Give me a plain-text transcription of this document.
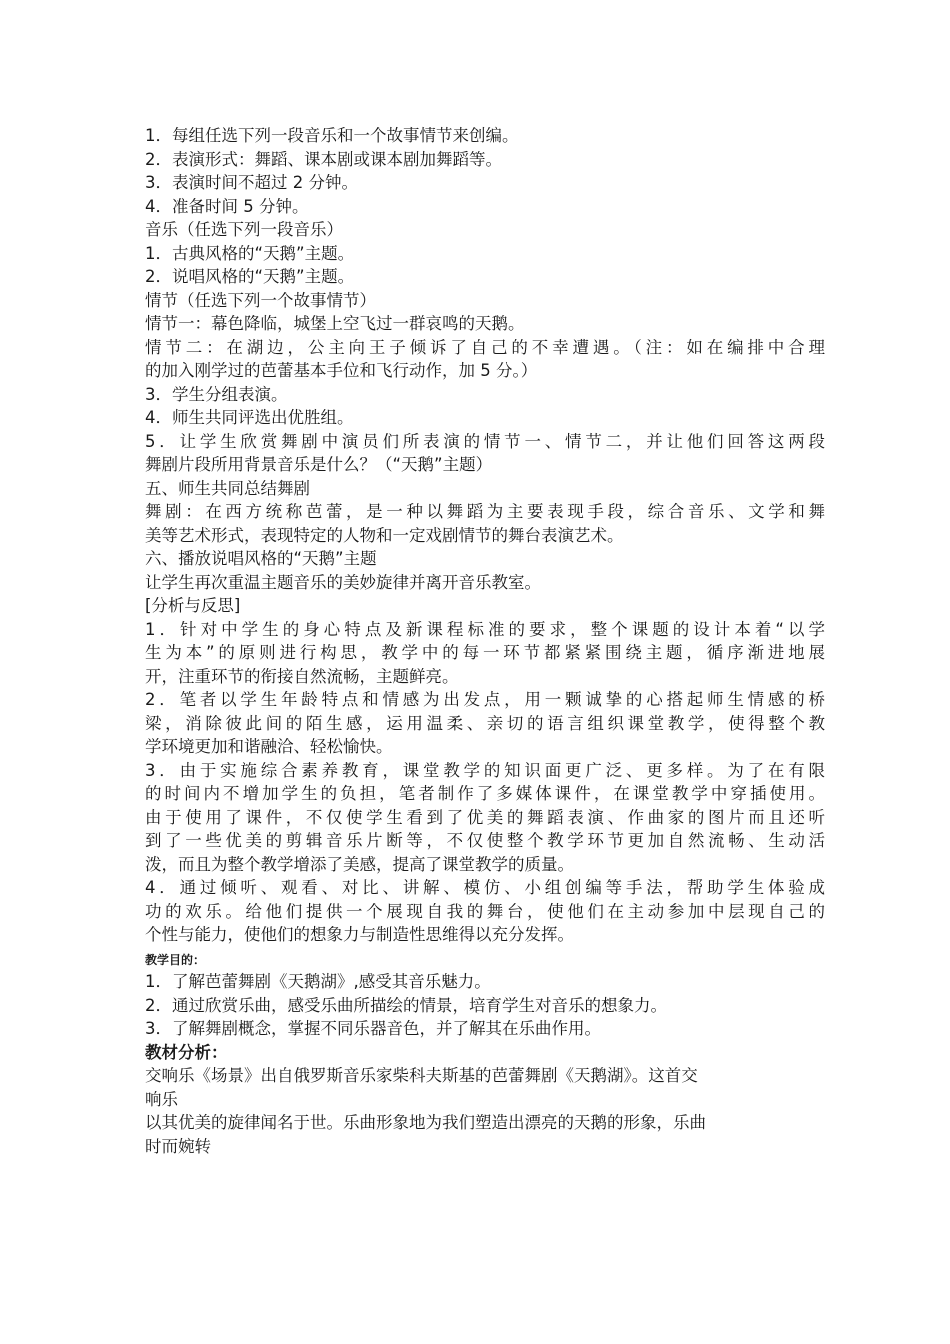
1．每组任选下列一段音乐和一个故事情节来创编。
2．表演形式：舞蹈、课本剧或课本剧加舞蹈等。
3．表演时间不超过 2 分钟。
4．准备时间 5 分钟。
音乐（任选下列一段音乐）
1．古典风格的“天鹅”主题。
2．说唱风格的“天鹅”主题。
情节（任选下列一个故事情节）
情节一：幕色降临，城堡上空飞过一群哀鸣的天鹅。
情节二：在湖边，公主向王子倾诉了自己的不幸遭遇。（注：如在编排中合理
的加入刚学过的芭蕾基本手位和飞行动作，加 5 分。）
3．学生分组表演。
4．师生共同评选出优胜组。
5．让学生欣赏舞剧中演员们所表演的情节一、情节二，并让他们回答这两段
舞剧片段所用背景音乐是什么？（“天鹅”主题）
五、师生共同总结舞剧
舞剧：在西方统称芭蕾，是一种以舞蹈为主要表现手段，综合音乐、文学和舞
美等艺术形式，表现特定的人物和一定戏剧情节的舞台表演艺术。
六、播放说唱风格的“天鹅”主题
让学生再次重温主题音乐的美妙旋律并离开音乐教室。
[分析与反思]
1．针对中学生的身心特点及新课程标准的要求，整个课题的设计本着“以学
生为本”的原则进行构思，教学中的每一环节都紧紧围绕主题，循序渐进地展
开，注重环节的衔接自然流畅，主题鲜亮。
2．笔者以学生年龄特点和情感为出发点，用一颗诚挚的心搭起师生情感的桥
梁，消除彼此间的陌生感，运用温柔、亲切的语言组织课堂教学，使得整个教
学环境更加和谐融洽、轻松愉快。
3．由于实施综合素养教育，课堂教学的知识面更广泛、更多样。为了在有限
的时间内不增加学生的负担，笔者制作了多媒体课件，在课堂教学中穿插使用。
由于使用了课件，不仅使学生看到了优美的舞蹈表演、作曲家的图片而且还听
到了一些优美的剪辑音乐片断等，不仅使整个教学环节更加自然流畅、生动活
泼，而且为整个教学增添了美感，提高了课堂教学的质量。
4．通过倾听、观看、对比、讲解、模仿、小组创编等手法，帮助学生体验成
功的欢乐。给他们提供一个展现自我的舞台，使他们在主动参加中层现自己的
个性与能力，使他们的想象力与制造性思维得以充分发挥。
教学目的：
1．了解芭蕾舞剧《天鹅湖》,感受其音乐魅力。
2．通过欣赏乐曲，感受乐曲所描绘的情景，培育学生对音乐的想象力。
3．了解舞剧概念，掌握不同乐器音色，并了解其在乐曲作用。
教材分析：
交响乐《场景》出自俄罗斯音乐家柴科夫斯基的芭蕾舞剧《天鹅湖》。这首交
响乐
以其优美的旋律闻名于世。乐曲形象地为我们塑造出漂亮的天鹅的形象，乐曲
时而婉转
